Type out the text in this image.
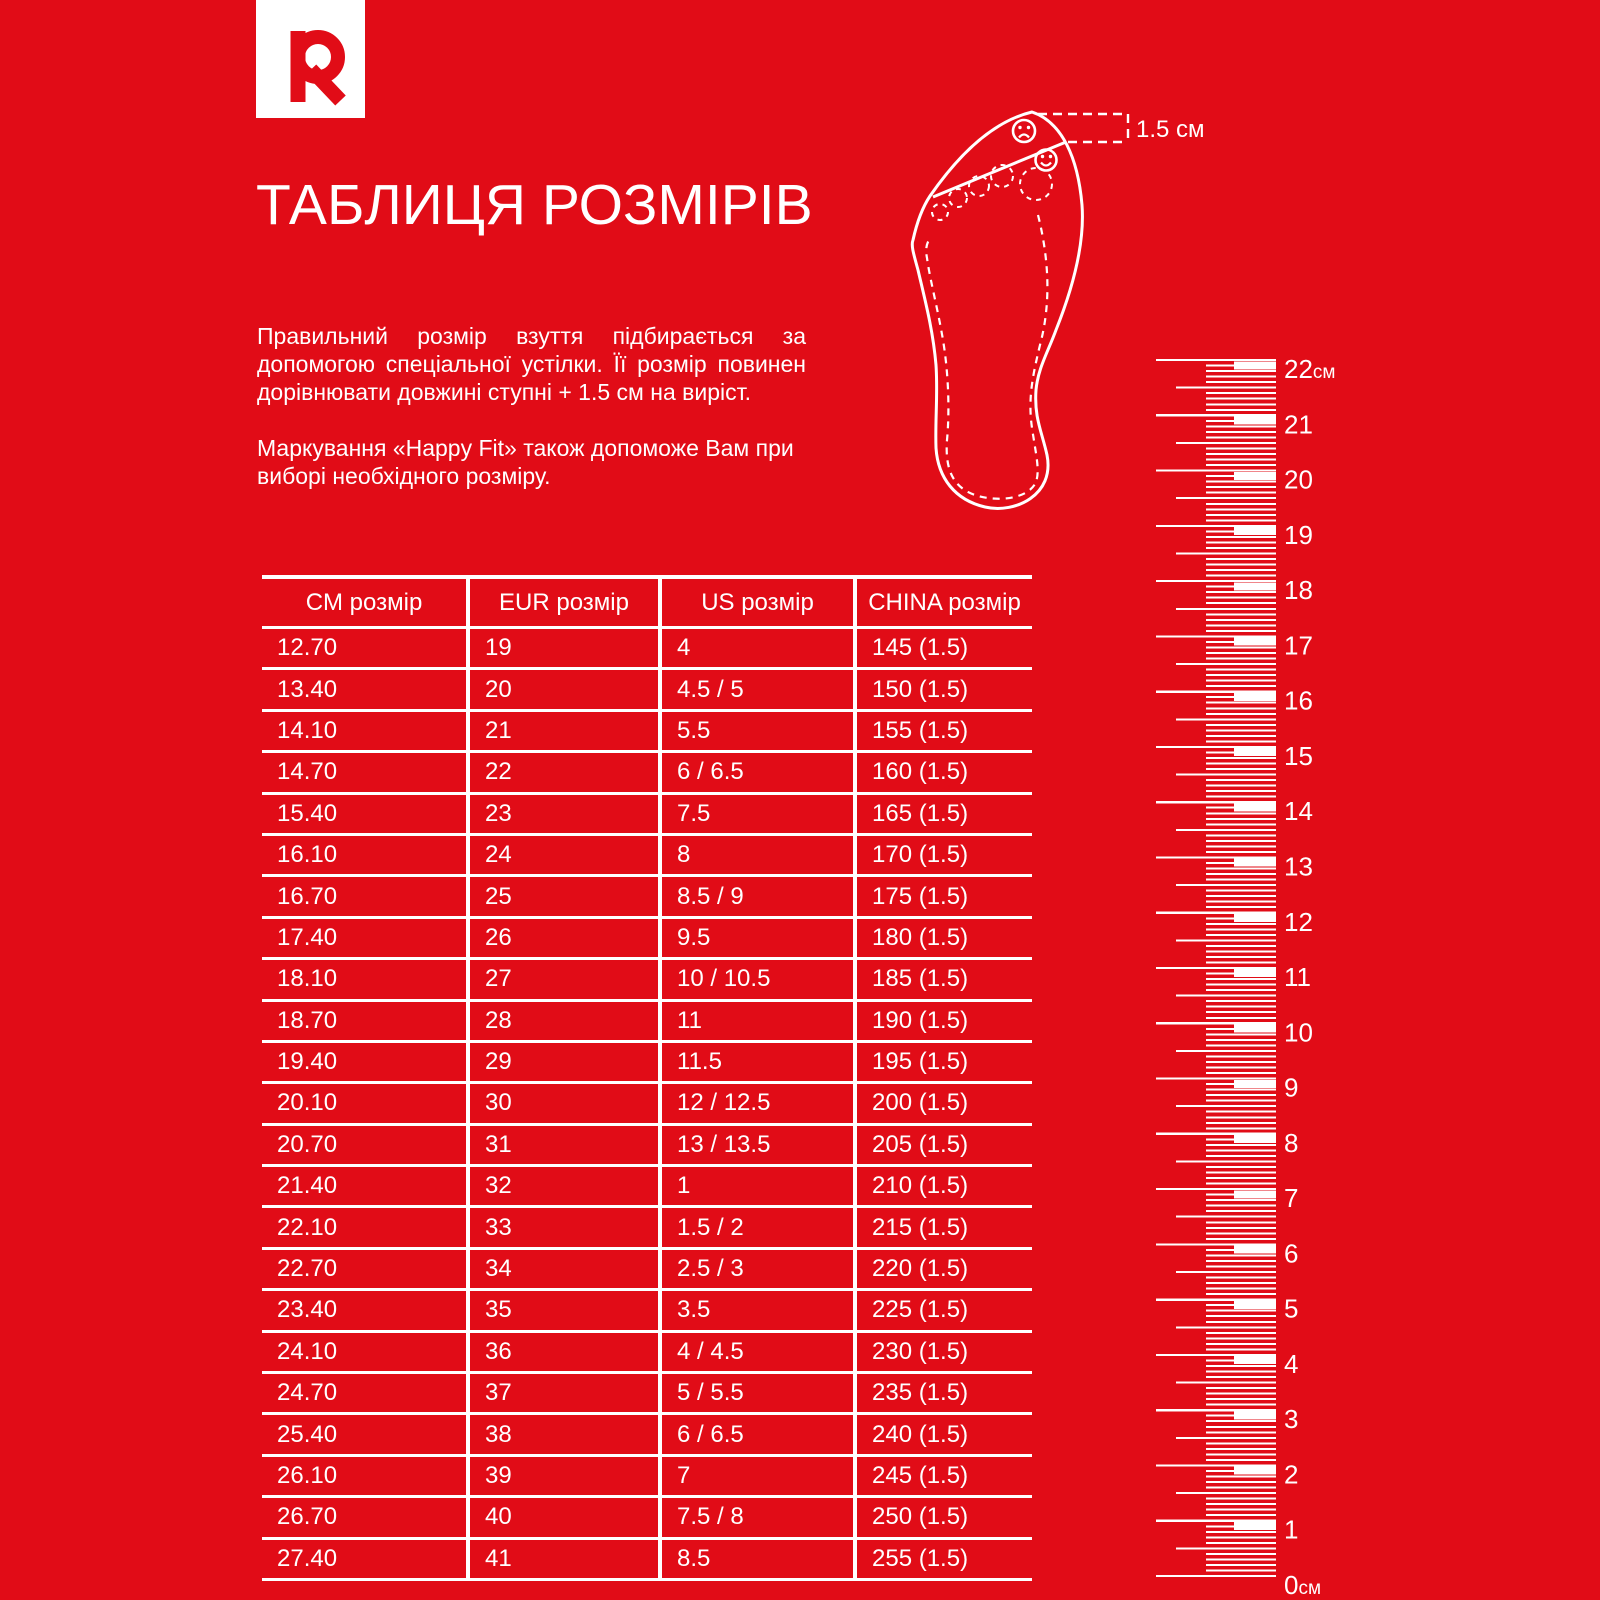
ТАБЛИЦЯ РОЗМІРІВ

Правильний розмір взуття підбирається за допомогою спеціальної устілки. Її розмір повинен дорівнювати довжині ступні + 1.5 см на виріст.

Маркування «Happy Fit» також допоможе Вам при виборі необхідного розміру.

1.5 см
CM розмір	EUR розмір	US розмір	CHINA розмір
12.70	19	4	145 (1.5)
13.40	20	4.5 / 5	150 (1.5)
14.10	21	5.5	155 (1.5)
14.70	22	6 / 6.5	160 (1.5)
15.40	23	7.5	165 (1.5)
16.10	24	8	170 (1.5)
16.70	25	8.5 / 9	175 (1.5)
17.40	26	9.5	180 (1.5)
18.10	27	10 / 10.5	185 (1.5)
18.70	28	11	190 (1.5)
19.40	29	11.5	195 (1.5)
20.10	30	12 / 12.5	200 (1.5)
20.70	31	13 / 13.5	205 (1.5)
21.40	32	1	210 (1.5)
22.10	33	1.5 / 2	215 (1.5)
22.70	34	2.5 / 3	220 (1.5)
23.40	35	3.5	225 (1.5)
24.10	36	4 / 4.5	230 (1.5)
24.70	37	5 / 5.5	235 (1.5)
25.40	38	6 / 6.5	240 (1.5)
26.10	39	7	245 (1.5)
26.70	40	7.5 / 8	250 (1.5)
27.40	41	8.5	255 (1.5)
0см
1
2
3
4
5
6
7
8
9
10
11
12
13
14
15
16
17
18
19
20
21
22см
